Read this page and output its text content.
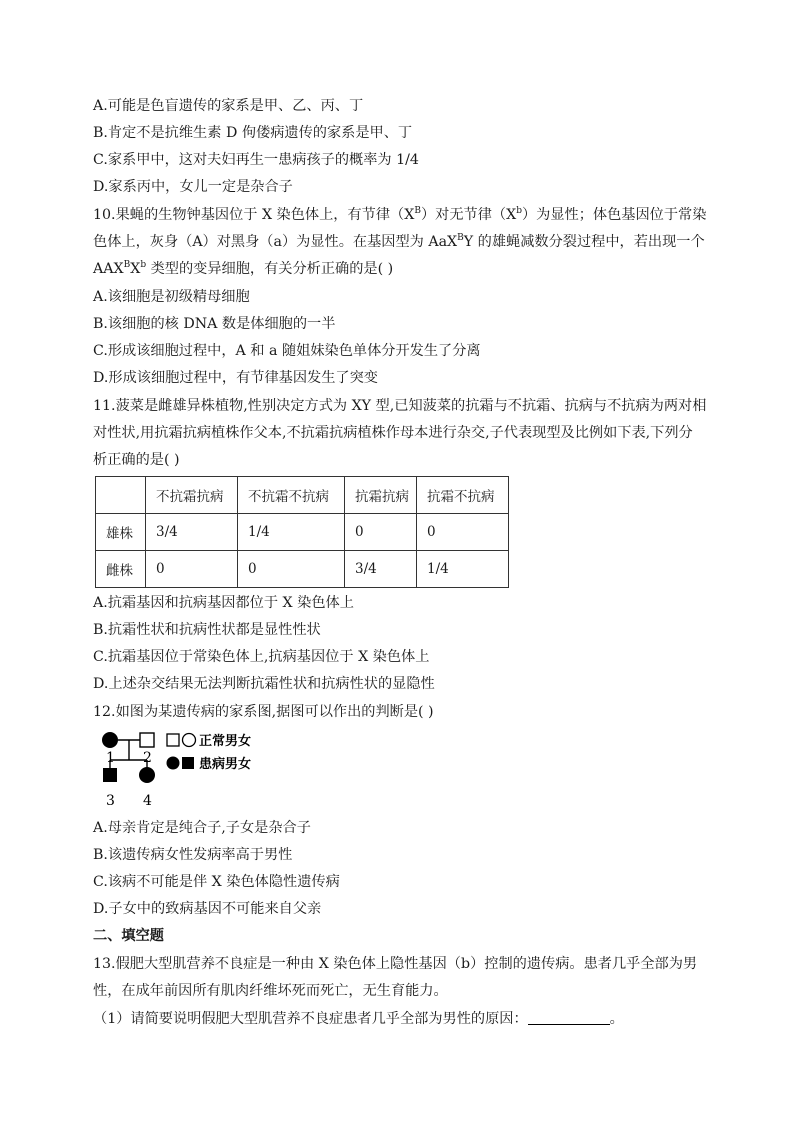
A.可能是色盲遗传的家系是甲、乙、丙、丁
B.肯定不是抗维生素 D 佝偻病遗传的家系是甲、丁
C.家系甲中，这对夫妇再生一患病孩子的概率为 1/4
D.家系丙中，女儿一定是杂合子
10.果蝇的生物钟基因位于 X 染色体上，有节律$(X^B)$对无节律$(X^b)$为显性；体色基因位于常染
色体上，灰身（A）对黑身（a）为显性。在基因型为 AaX$^B$Y 的雄蝇减数分裂过程中，若出现一个
$AAX^BX^b$ 类型的变异细胞，有关分析正确的是( )
A.该细胞是初级精母细胞
B.该细胞的核 DNA 数是体细胞的一半
C.形成该细胞过程中，A 和 a 随姐妹染色单体分开发生了分离
D.形成该细胞过程中，有节律基因发生了突变
11.菠菜是雌雄异株植物,性别决定方式为 XY 型,已知菠菜的抗霜与不抗霜、抗病与不抗病为两对相
对性状,用抗霜抗病植株作父本,不抗霜抗病植株作母本进行杂交,子代表现型及比例如下表,下列分
析正确的是( )
	不抗霜抗病	不抗霜不抗病	抗霜抗病	抗霜不抗病
雄株	3/4	1/4	0	0
雌株	0	0	3/4	1/4
A.抗霜基因和抗病基因都位于 X 染色体上
B.抗霜性状和抗病性状都是显性性状
C.抗霜基因位于常染色体上,抗病基因位于 X 染色体上
D.上述杂交结果无法判断抗霜性状和抗病性状的显隐性
12.如图为某遗传病的家系图,据图可以作出的判断是( )
1 2
3 4
正常男女
患病男女
A.母亲肯定是纯合子,子女是杂合子
B.该遗传病女性发病率高于男性
C.该病不可能是伴 X 染色体隐性遗传病
D.子女中的致病基因不可能来自父亲
二、填空题
13.假肥大型肌营养不良症是一种由 X 染色体上隐性基因（b）控制的遗传病。患者几乎全部为男
性，在成年前因所有肌肉纤维坏死而死亡，无生育能力。
（1）请简要说明假肥大型肌营养不良症患者几乎全部为男性的原因：	。
